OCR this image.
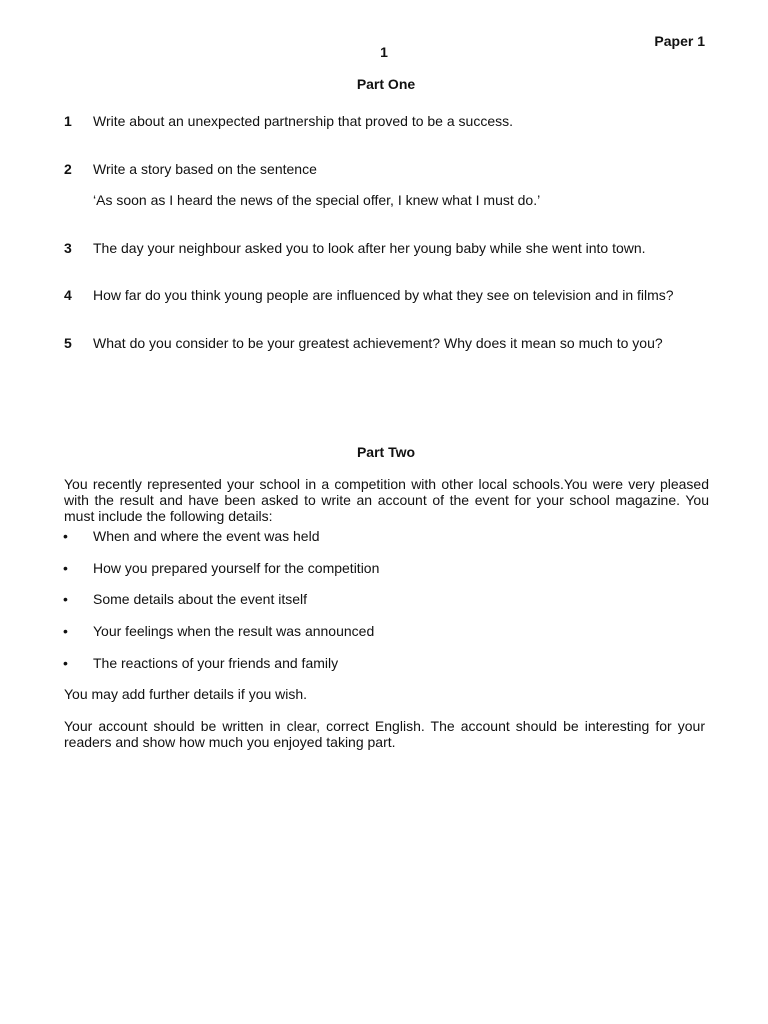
Paper 1
1
Part One
1 Write about an unexpected partnership that proved to be a success.
2 Write a story based on the sentence
‘As soon as I heard the news of the special offer, I knew what I must do.’
3 The day your neighbour asked you to look after her young baby while she went into town.
4 How far do you think young people are influenced by what they see on television and in films?
5 What do you consider to be your greatest achievement? Why does it mean so much to you?
Part Two
You recently represented your school in a competition with other local schools.You were very pleased with the result and have been asked to write an account of the event for your school magazine. You must include the following details:
• When and where the event was held
• How you prepared yourself for the competition
• Some details about the event itself
• Your feelings when the result was announced
• The reactions of your friends and family
You may add further details if you wish.
Your account should be written in clear, correct English. The account should be interesting for your readers and show how much you enjoyed taking part.
